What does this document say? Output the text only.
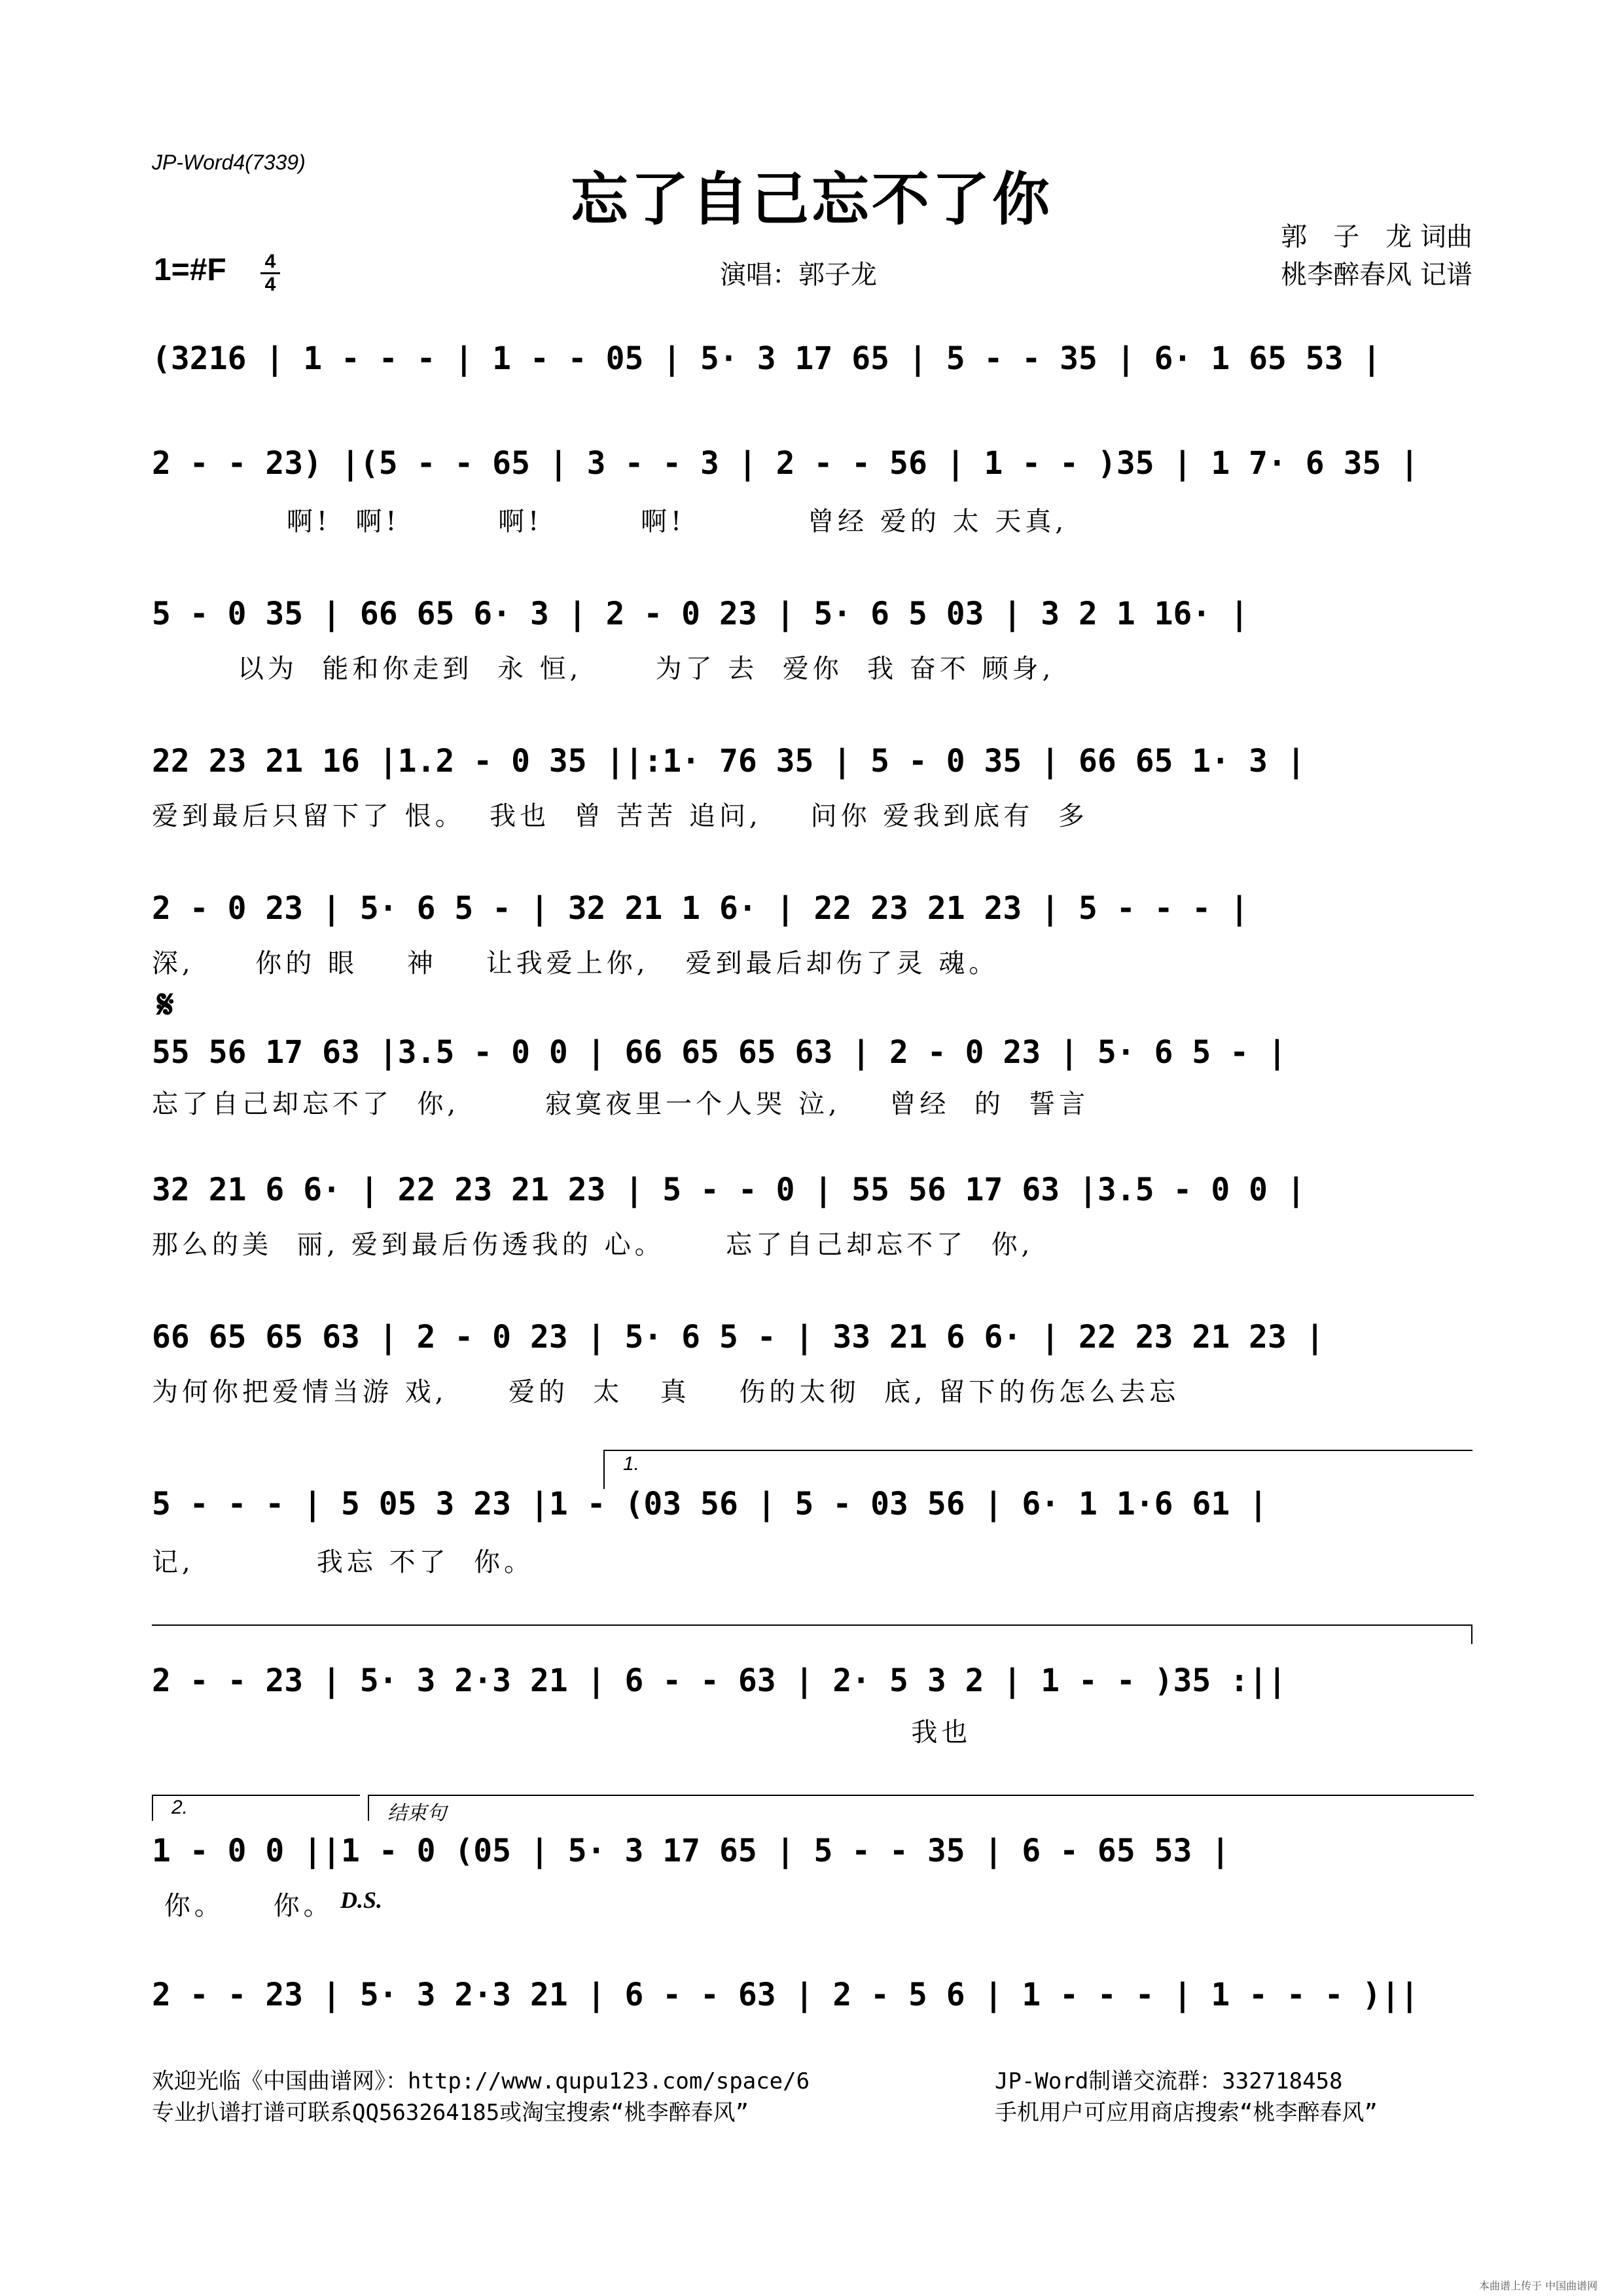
JP-Word4(7339)
忘了自己忘不了你
郭　子　龙 词曲
桃李醉春风 记谱
1=#F 4
4	演唱：郭子龙
(3216 | 1 - - - | 1 - - 05 | 5· 3 17 65 | 5 - - 35 | 6· 1 65 53 |
2 - - 23) |(5 - - 65 | 3 - - 3 | 2 - - 56 | 1 - - )35 | 1 7· 6 35 |
啊!  啊!        啊!        啊!          曾经 爱的 太 天真,
5 - 0 35 | 66 65 6· 3 | 2 - 0 23 | 5· 6 5 03 | 3 2 1 16· |
以为  能和你走到  永 恒,      为了 去  爱你  我 奋不 顾身,
22 23 21 16 |1.2 - 0 35 ||:1· 76 35 | 5 - 0 35 | 66 65 1· 3 |
爱到最后只留下了 恨。  我也  曾 苦苦 追问,    问你 爱我到底有  多
2 - 0 23 | 5· 6 5 - | 32 21 1 6· | 22 23 21 23 | 5 - - - |
深,     你的 眼    神    让我爱上你,   爱到最后却伤了灵 魂。
𝄋
55 56 17 63 |3.5 - 0 0 | 66 65 65 63 | 2 - 0 23 | 5· 6 5 - |
忘了自己却忘不了  你,       寂寞夜里一个人哭 泣,    曾经  的  誓言
32 21 6 6· | 22 23 21 23 | 5 - - 0 | 55 56 17 63 |3.5 - 0 0 |
那么的美  丽, 爱到最后伤透我的 心。     忘了自己却忘不了  你,
66 65 65 63 | 2 - 0 23 | 5· 6 5 - | 33 21 6 6· | 22 23 21 23 |
为何你把爱情当游 戏,     爱的  太   真    伤的太彻  底, 留下的伤怎么去忘
1.
5 - - - | 5 05 3 23 |1 - (03 56 | 5 - 03 56 | 6· 1 1·6 61 |
记,          我忘 不了  你。
2 - - 23 | 5· 3 2·3 21 | 6 - - 63 | 2· 5 3 2 | 1 - - )35 :||
我也
2.	结束句
1 - 0 0 ||1 - 0 (05 | 5· 3 17 65 | 5 - - 35 | 6 - 65 53 |
你。    你。 D.S.
2 - - 23 | 5· 3 2·3 21 | 6 - - 63 | 2 - 5 6 | 1 - - - | 1 - - - )||
欢迎光临《中国曲谱网》：http://www.qupu123.com/space/6
专业扒谱打谱可联系QQ563264185或淘宝搜索“桃李醉春风”
JP-Word制谱交流群：332718458
手机用户可应用商店搜索“桃李醉春风”
本曲谱上传于 中国曲谱网
